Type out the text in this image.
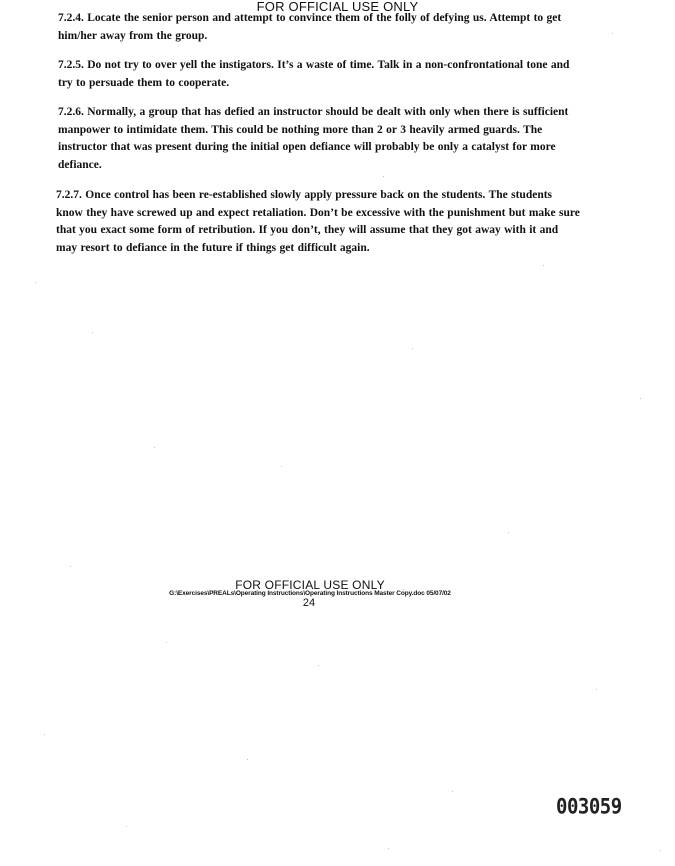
FOR OFFICIAL USE ONLY
7.2.4. Locate the senior person and attempt to convince them of the folly of defying us. Attempt to get him/her away from the group.
7.2.5. Do not try to over yell the instigators. It’s a waste of time. Talk in a non-confrontational tone and try to persuade them to cooperate.
7.2.6. Normally, a group that has defied an instructor should be dealt with only when there is sufficient manpower to intimidate them. This could be nothing more than 2 or 3 heavily armed guards. The instructor that was present during the initial open defiance will probably be only a catalyst for more defiance.
7.2.7. Once control has been re-established slowly apply pressure back on the students. The students know they have screwed up and expect retaliation. Don’t be excessive with the punishment but make sure that you exact some form of retribution. If you don’t, they will assume that they got away with it and may resort to defiance in the future if things get difficult again.
FOR OFFICIAL USE ONLY
G:\Exercises\PREALs\Operating Instructions\Operating Instructions Master Copy.doc 05/07/02
24
003059
